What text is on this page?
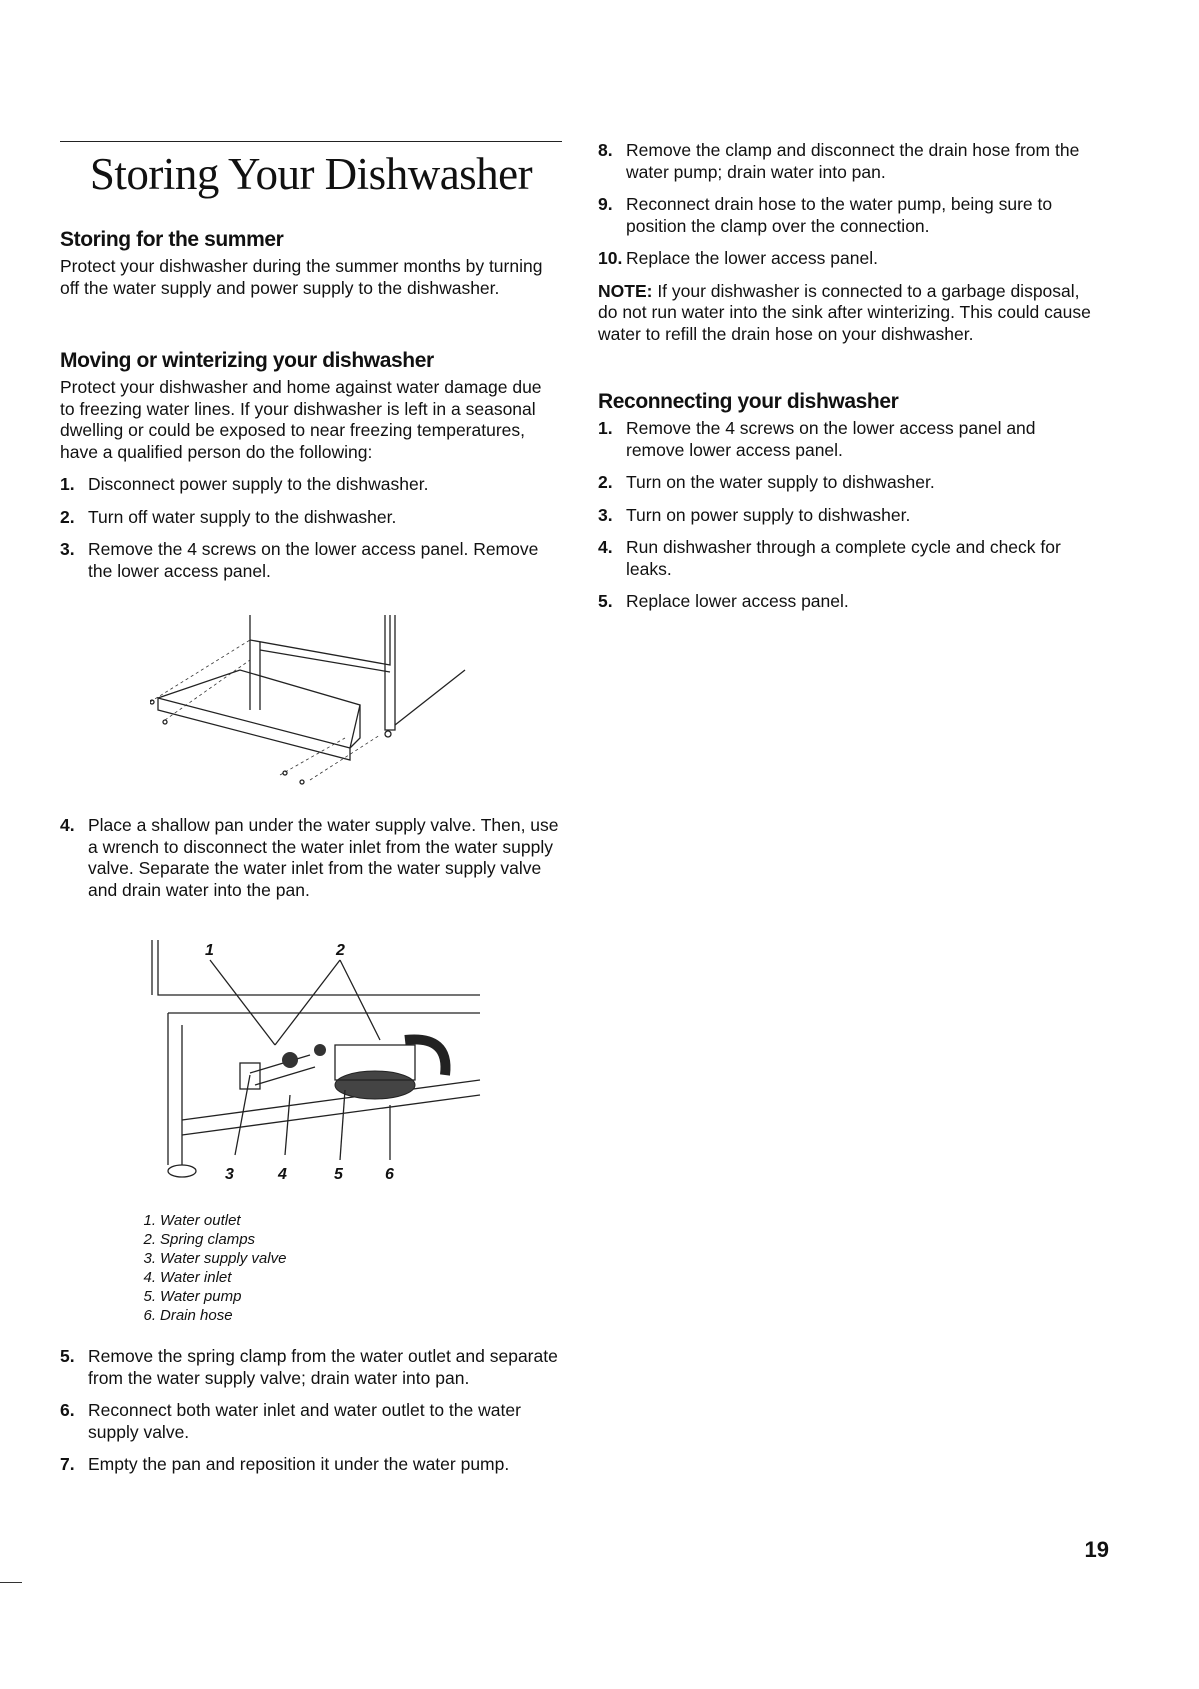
Storing Your Dishwasher
Storing for the summer

Protect your dishwasher during the summer months by turning off the water supply and power supply to the dishwasher.

Moving or winterizing your dishwasher

Protect your dishwasher and home against water damage due to freezing water lines. If your dishwasher is left in a seasonal dwelling or could be exposed to near freezing temperatures, have a qualified person do the following:

1. Disconnect power supply to the dishwasher.
2. Turn off water supply to the dishwasher.
3. Remove the 4 screws on the lower access panel. Remove the lower access panel.
4. Place a shallow pan under the water supply valve. Then, use a wrench to disconnect the water inlet from the water supply valve. Separate the water inlet from the water supply valve and drain water into the pan.
1	2
3	4	5	6
1. Water outlet
2. Spring clamps
3. Water supply valve
4. Water inlet
5. Water pump
6. Drain hose
5. Remove the spring clamp from the water outlet and separate from the water supply valve; drain water into pan.
6. Reconnect both water inlet and water outlet to the water supply valve.
7. Empty the pan and reposition it under the water pump.
8. Remove the clamp and disconnect the drain hose from the water pump; drain water into pan.
9. Reconnect drain hose to the water pump, being sure to position the clamp over the connection.
10. Replace the lower access panel.

NOTE: If your dishwasher is connected to a garbage disposal, do not run water into the sink after winterizing. This could cause water to refill the drain hose on your dishwasher.

Reconnecting your dishwasher
1. Remove the 4 screws on the lower access panel and remove lower access panel.
2. Turn on the water supply to dishwasher.
3. Turn on power supply to dishwasher.
4. Run dishwasher through a complete cycle and check for leaks.
5. Replace lower access panel.
19
